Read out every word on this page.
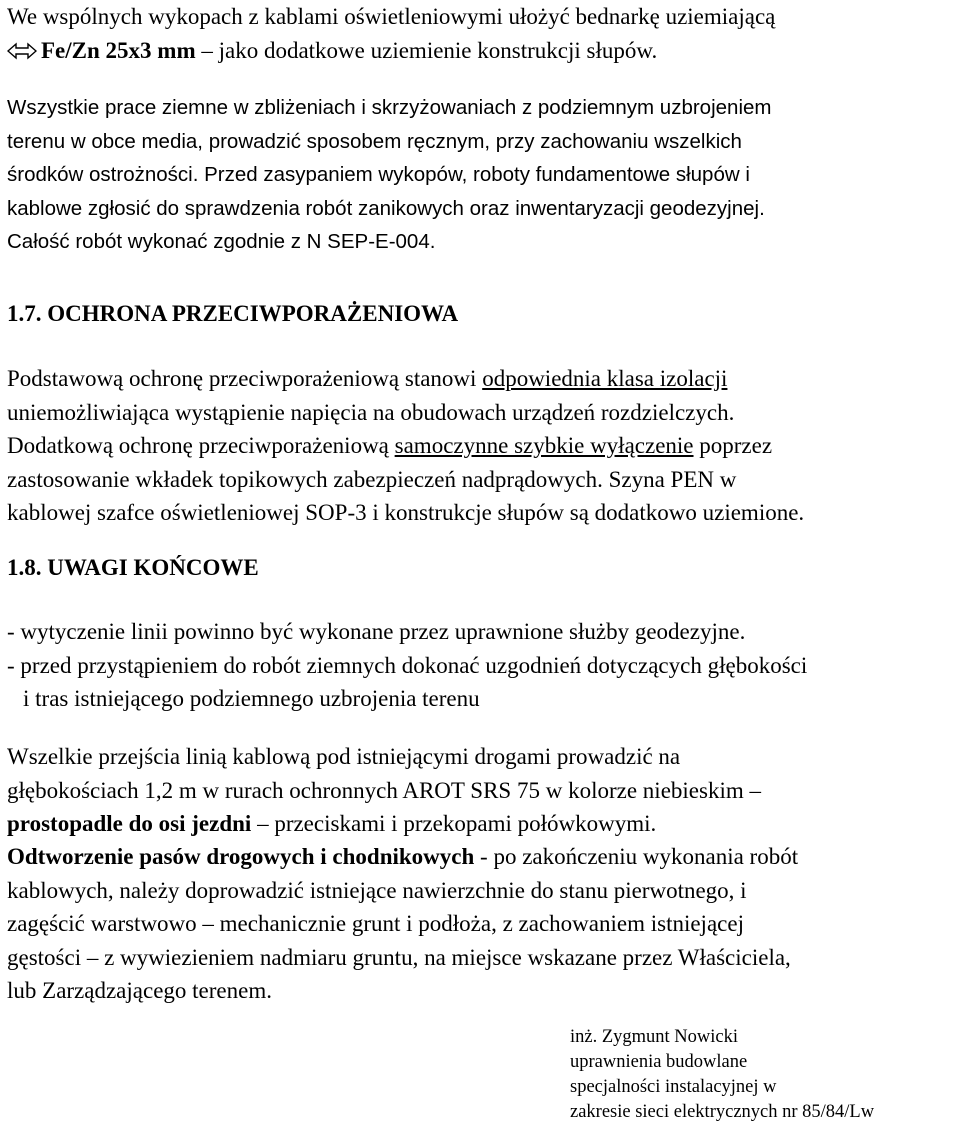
We wspólnych wykopach z kablami oświetleniowymi ułożyć bednarkę uziemiającą
Fe/Zn 25x3 mm – jako dodatkowe uziemienie konstrukcji słupów.
Wszystkie prace ziemne w zbliżeniach i skrzyżowaniach z podziemnym uzbrojeniem
terenu w obce media, prowadzić sposobem ręcznym, przy zachowaniu wszelkich
środków ostrożności. Przed zasypaniem wykopów, roboty fundamentowe słupów i
kablowe zgłosić do sprawdzenia robót zanikowych oraz inwentaryzacji geodezyjnej.
Całość robót wykonać zgodnie z N SEP-E-004.
1.7. OCHRONA PRZECIWPORAŻENIOWA
Podstawową ochronę przeciwporażeniową stanowi odpowiednia klasa izolacji
uniemożliwiająca wystąpienie napięcia na obudowach urządzeń rozdzielczych.
Dodatkową ochronę przeciwporażeniową samoczynne szybkie wyłączenie poprzez
zastosowanie wkładek topikowych zabezpieczeń nadprądowych. Szyna PEN w
kablowej szafce oświetleniowej SOP-3 i konstrukcje słupów są dodatkowo uziemione.
1.8. UWAGI KOŃCOWE
- wytyczenie linii powinno być wykonane przez uprawnione służby geodezyjne.
- przed przystąpieniem do robót ziemnych dokonać uzgodnień dotyczących głębokości
i tras istniejącego podziemnego uzbrojenia terenu
Wszelkie przejścia linią kablową pod istniejącymi drogami prowadzić na
głębokościach 1,2 m w rurach ochronnych AROT SRS 75 w kolorze niebieskim –
prostopadle do osi jezdni – przeciskami i przekopami połówkowymi.
Odtworzenie pasów drogowych i chodnikowych - po zakończeniu wykonania robót
kablowych, należy doprowadzić istniejące nawierzchnie do stanu pierwotnego, i
zagęścić warstwowo – mechanicznie grunt i podłoża, z zachowaniem istniejącej
gęstości – z wywiezieniem nadmiaru gruntu, na miejsce wskazane przez Właściciela,
lub Zarządzającego terenem.
inż. Zygmunt Nowicki
uprawnienia budowlane
specjalności instalacyjnej w
zakresie sieci elektrycznych nr 85/84/Lw
